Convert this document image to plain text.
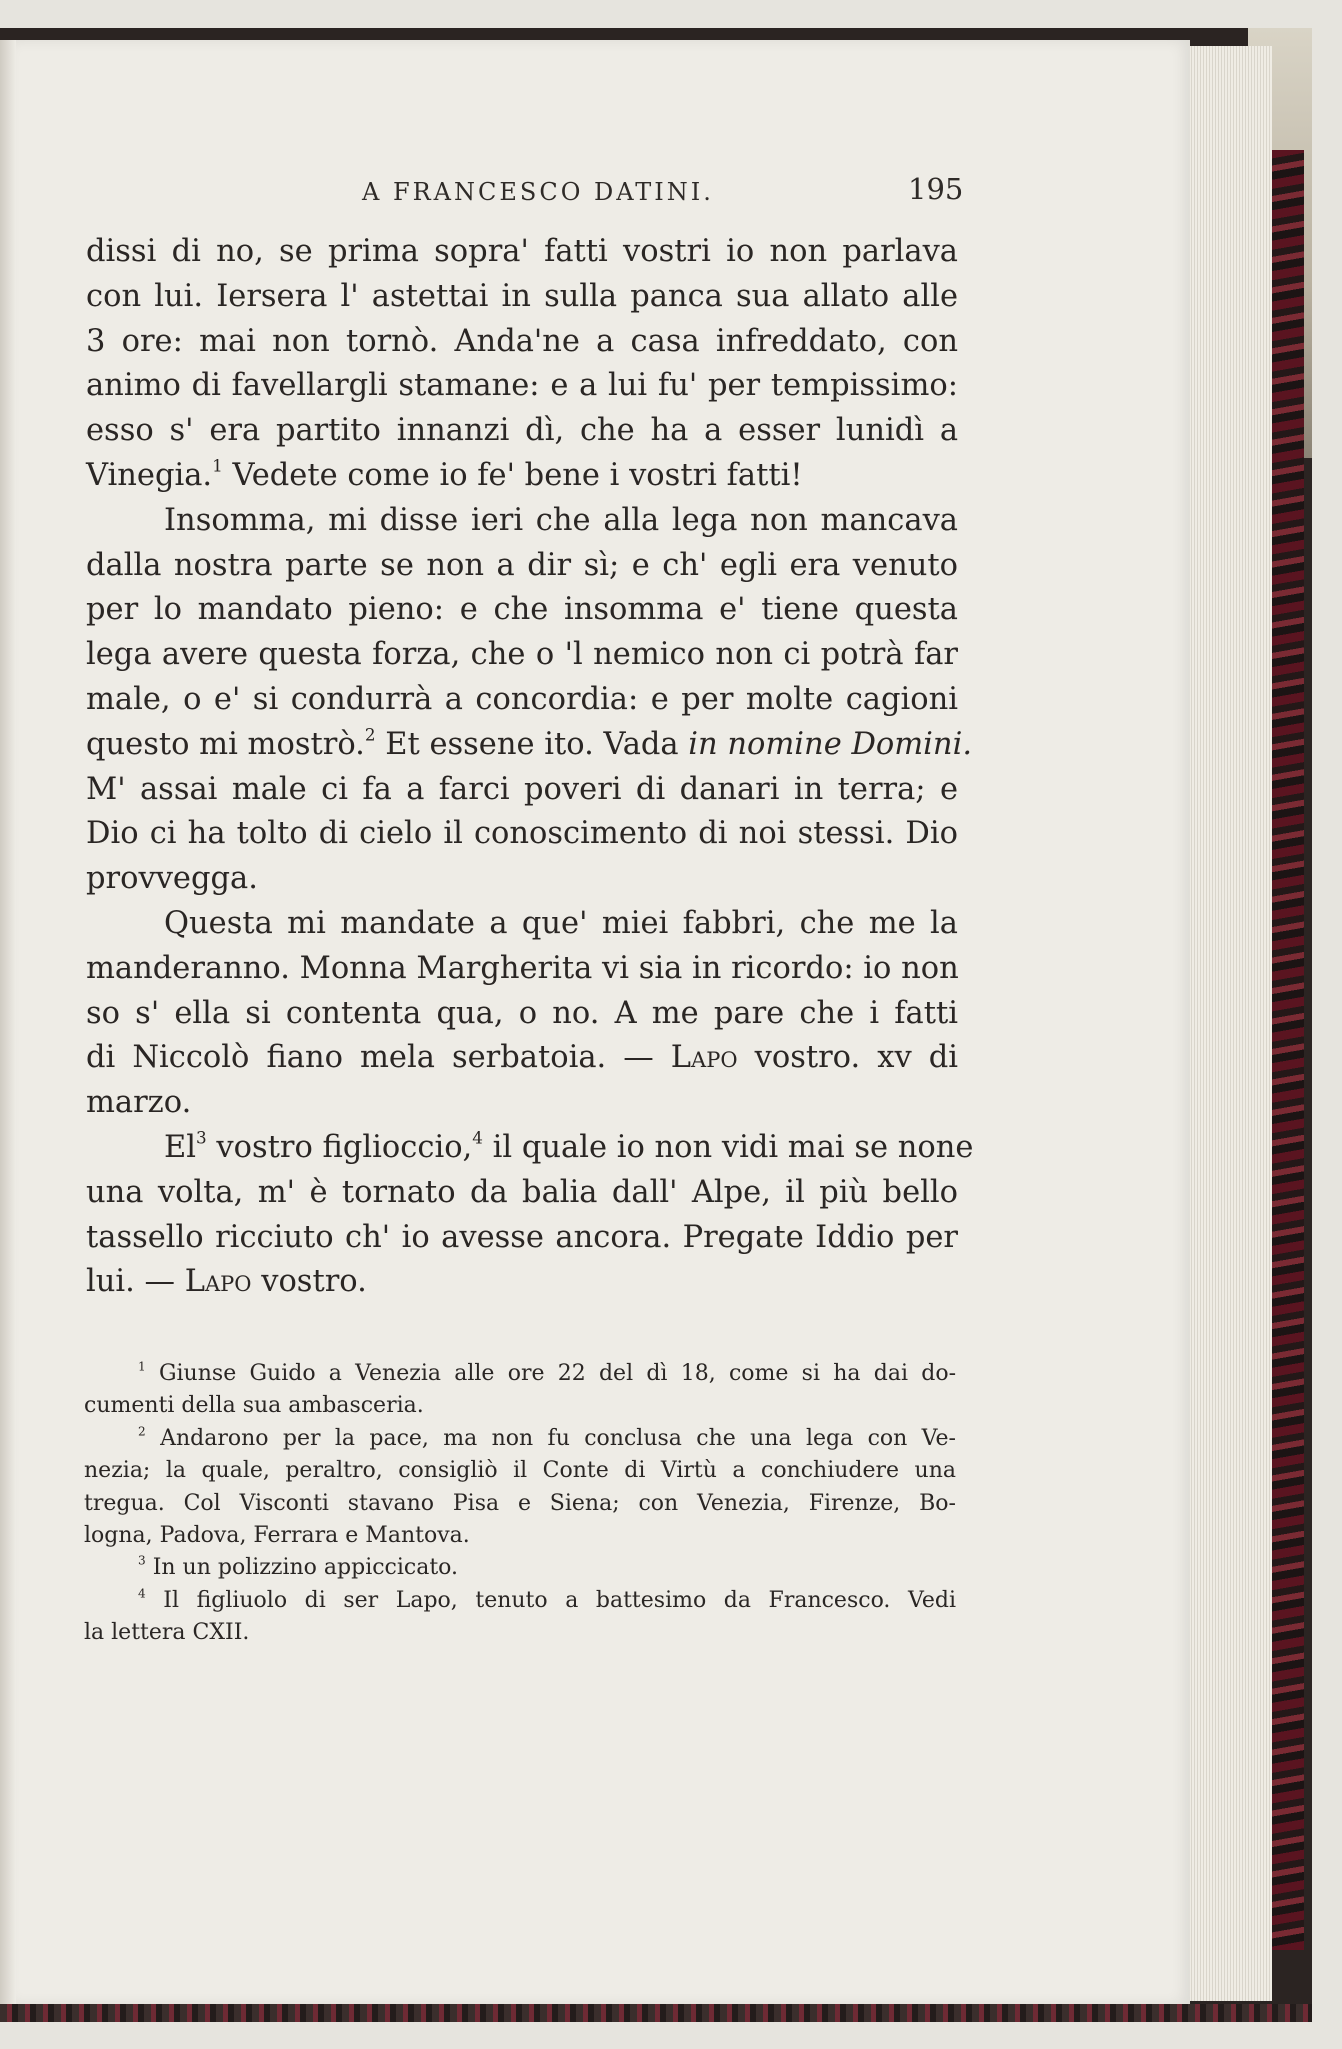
A FRANCESCO DATINI.	195
dissi di no, se prima sopra' fatti vostri io non parlava
con lui. Iersera l' astettai in sulla panca sua allato alle
3 ore: mai non tornò. Anda'ne a casa infreddato, con
animo di favellargli stamane: e a lui fu' per tempissimo:
esso s' era partito innanzi dì, che ha a esser lunidì a
Vinegia.$^1$ Vedete come io fe' bene i vostri fatti!
Insomma, mi disse ieri che alla lega non mancava
dalla nostra parte se non a dir sì; e ch' egli era venuto
per lo mandato pieno: e che insomma e' tiene questa
lega avere questa forza, che o 'l nemico non ci potrà far
male, o e' si condurrà a concordia: e per molte cagioni
questo mi mostrò.$^2$ Et essene ito. Vada in nomine Domini.
M' assai male ci fa a farci poveri di danari in terra; e
Dio ci ha tolto di cielo il conoscimento di noi stessi. Dio
provvegga.
Questa mi mandate a que' miei fabbri, che me la
manderanno. Monna Margherita vi sia in ricordo: io non
so s' ella si contenta qua, o no. A me pare che i fatti
di Niccolò fiano mela serbatoia. — Lapo vostro. xv di
marzo.
El$^3$ vostro figlioccio,$^4$ il quale io non vidi mai se none
una volta, m' è tornato da balia dall' Alpe, il più bello
tassello ricciuto ch' io avesse ancora. Pregate Iddio per
lui. — Lapo vostro.
$^1$ Giunse Guido a Venezia alle ore 22 del dì 18, come si ha dai do-
cumenti della sua ambasceria.
$^2$ Andarono per la pace, ma non fu conclusa che una lega con Ve-
nezia; la quale, peraltro, consigliò il Conte di Virtù a conchiudere una
tregua. Col Visconti stavano Pisa e Siena; con Venezia, Firenze, Bo-
logna, Padova, Ferrara e Mantova.
$^3$ In un polizzino appiccicato.
$^4$ Il figliuolo di ser Lapo, tenuto a battesimo da Francesco. Vedi
la lettera CXII.
